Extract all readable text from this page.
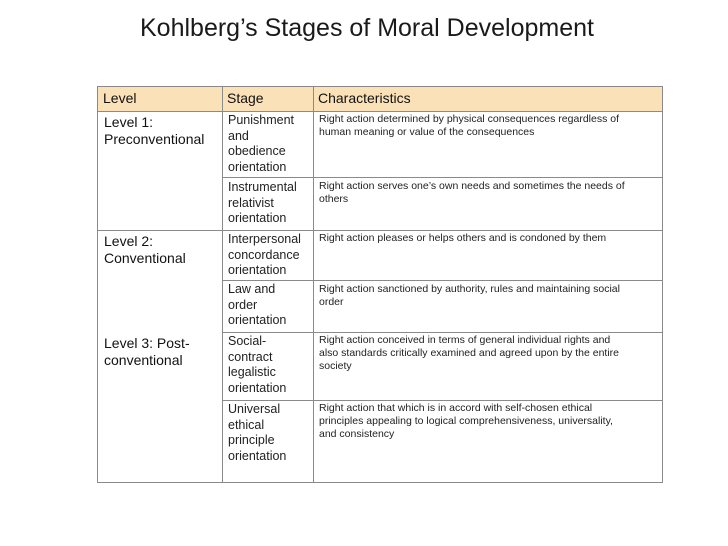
Kohlberg’s Stages of Moral Development
Level	Stage	Characteristics
Level 1:
Preconventional
Level 2:
Conventional
Level 3: Post-
conventional
Punishment
and
obedience
orientation
Right action determined by physical consequences regardless of
human meaning or value of the consequences
Instrumental
relativist
orientation
Right action serves one’s own needs and sometimes the needs of
others
Interpersonal
concordance
orientation
Right action pleases or helps others and is condoned by them
Law and
order
orientation
Right action sanctioned by authority, rules and maintaining social
order
Social-
contract
legalistic
orientation
Right action conceived in terms of general individual rights and
also standards critically examined and agreed upon by the entire
society
Universal
ethical
principle
orientation
Right action that which is in accord with self-chosen ethical
principles appealing to logical comprehensiveness, universality,
and consistency
